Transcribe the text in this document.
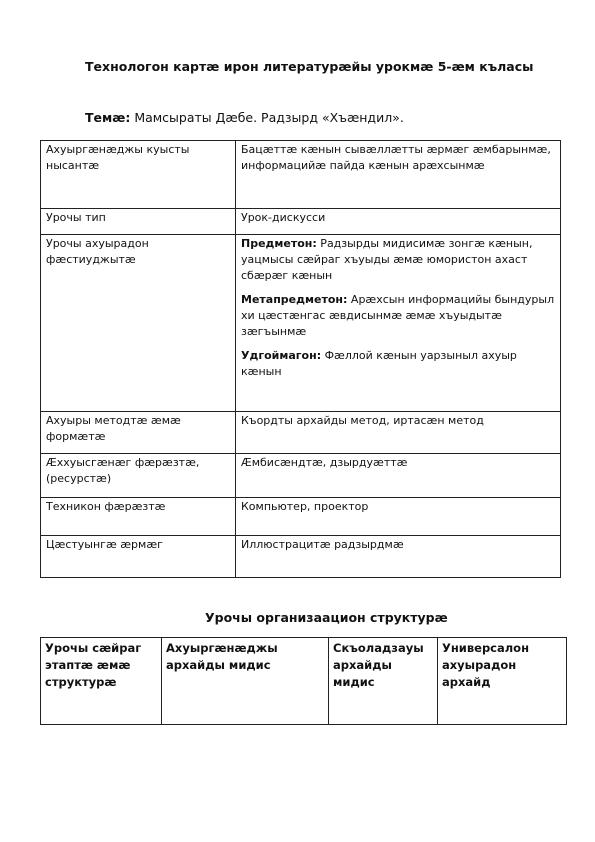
Технологон картæ ирон литературæйы урокмæ 5-æм къласы
Темæ: Мамсыраты Дæбе. Радзырд «Хъæндил».
Ахуыргæнæджы куысты нысантæ	Бацæттæ кæнын сывæллæтты æрмæг æмбарынмæ, информацийæ пайда кæнын арæхсынмæ
Урочы тип	Урок-дискусси
Урочы ахуырадон фæстиуджытæ	Предметон: Радзырды мидисимæ зонгæ кæнын, уацмысы сæйраг хъуыды æмæ юмористон ахаст сбæрæг кæнын
Метапредметон: Арæхсын информацийы бындурыл хи цæстæнгас æвдисынмæ æмæ хъуыдытæ зæгъынмæ
Удгоймагон: Фæллой кæнын уарзыныл ахуыр кæнын

Ахуыры методтæ æмæ формæтæ	Къордты архайды метод, иртасæн метод
Æххуысгæнæг фæрæзтæ, (ресурстæ)	Æмбисæндтæ, дзырдуæттæ
Техникон фæрæзтæ	Компьютер, проектор
Цæстуынгæ æрмæг	Иллюстрацитæ радзырдмæ
Урочы организаацион структурæ
Урочы сæйраг этаптæ æмæ структурæ	Ахуыргæнæджы архайды мидис	Скъоладзауы архайды мидис	Универсалон ахуырадон архайд
